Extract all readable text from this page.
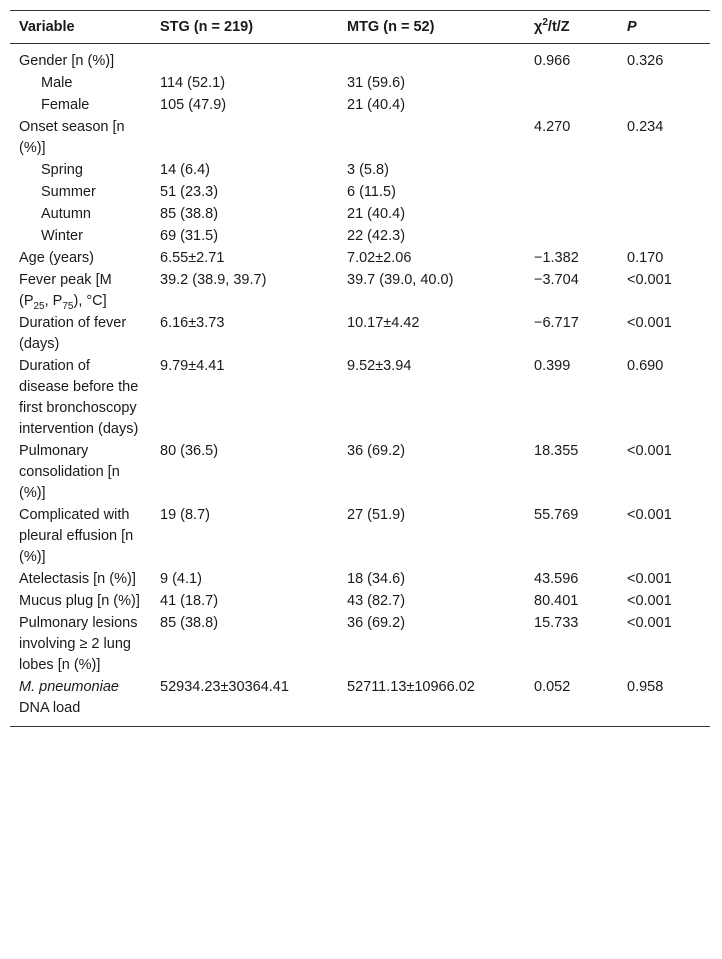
Variable	STG (n = 219)	MTG (n = 52)	$\chi^2/t/Z$	P
Gender [n (%)]			0.966	0.326
Male	114 (52.1)	31 (59.6)		
Female	105 (47.9)	21 (40.4)		
Onset season [n (%)]			4.270	0.234
Spring	14 (6.4)	3 (5.8)		
Summer	51 (23.3)	6 (11.5)		
Autumn	85 (38.8)	21 (40.4)		
Winter	69 (31.5)	22 (42.3)		
Age (years)	6.55±2.71	7.02±2.06	−1.382	0.170
Fever peak [M ($P_{25}$, $P_{75}$), °C]	39.2 (38.9, 39.7)	39.7 (39.0, 40.0)	−3.704	<0.001
Duration of fever (days)	6.16±3.73	10.17±4.42	−6.717	<0.001
Duration of disease before the first bronchoscopy intervention (days)	9.79±4.41	9.52±3.94	0.399	0.690
Pulmonary consolidation [n (%)]	80 (36.5)	36 (69.2)	18.355	<0.001
Complicated with pleural effusion [n (%)]	19 (8.7)	27 (51.9)	55.769	<0.001
Atelectasis [n (%)]	9 (4.1)	18 (34.6)	43.596	<0.001
Mucus plug [n (%)]	41 (18.7)	43 (82.7)	80.401	<0.001
Pulmonary lesions involving ≥ 2 lung lobes [n (%)]	85 (38.8)	36 (69.2)	15.733	<0.001
M. pneumoniae DNA load	52934.23±30364.41	52711.13±10966.02	0.052	0.958
